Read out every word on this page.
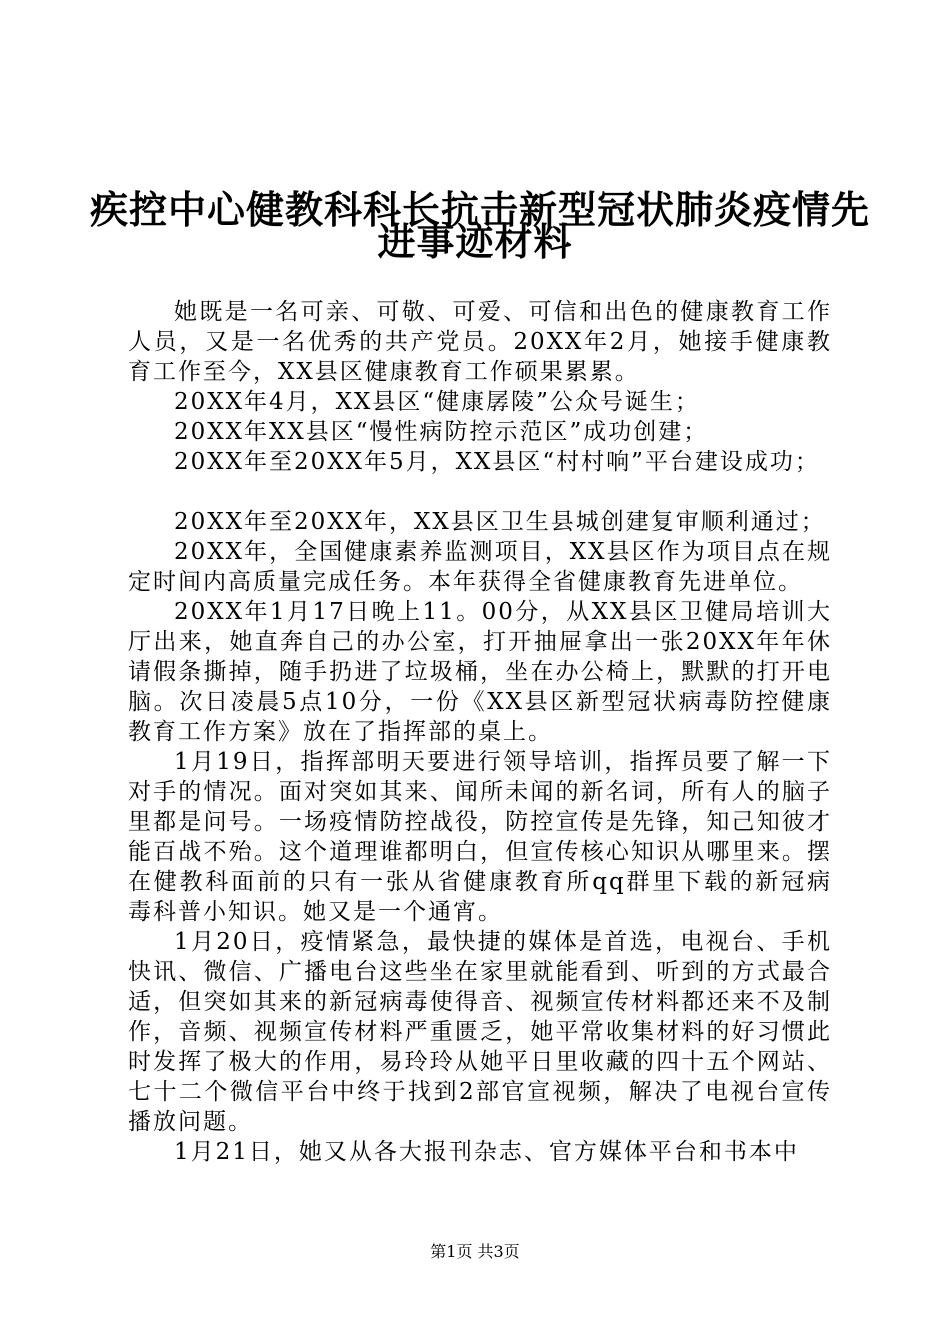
疾控中心健教科科长抗击新型冠状肺炎疫情先
进事迹材料

她既是一名可亲、可敬、可爱、可信和出色的健康教育工作人员，又是一名优秀的共产党员。20XX年2月，她接手健康教育工作至今，XX县区健康教育工作硕果累累。

20XX年4月，XX县区“健康孱陵”公众号诞生；

20XX年XX县区“慢性病防控示范区”成功创建；

20XX年至20XX年5月，XX县区“村村响”平台建设成功；

20XX年至20XX年，XX县区卫生县城创建复审顺利通过；

20XX年，全国健康素养监测项目，XX县区作为项目点在规定时间内高质量完成任务。本年获得全省健康教育先进单位。

20XX年1月17日晚上11。00分，从XX县区卫健局培训大厅出来，她直奔自己的办公室，打开抽屉拿出一张20XX年年休请假条撕掉，随手扔进了垃圾桶，坐在办公椅上，默默的打开电脑。次日凌晨5点10分，一份《XX县区新型冠状病毒防控健康教育工作方案》放在了指挥部的桌上。

1月19日，指挥部明天要进行领导培训，指挥员要了解一下对手的情况。面对突如其来、闻所未闻的新名词，所有人的脑子里都是问号。一场疫情防控战役，防控宣传是先锋，知己知彼才能百战不殆。这个道理谁都明白，但宣传核心知识从哪里来。摆在健教科面前的只有一张从省健康教育所qq群里下载的新冠病毒科普小知识。她又是一个通宵。

1月20日，疫情紧急，最快捷的媒体是首选，电视台、手机快讯、微信、广播电台这些坐在家里就能看到、听到的方式最合适，但突如其来的新冠病毒使得音、视频宣传材料都还来不及制作，音频、视频宣传材料严重匮乏，她平常收集材料的好习惯此时发挥了极大的作用，易玲玲从她平日里收藏的四十五个网站、七十二个微信平台中终于找到2部官宣视频，解决了电视台宣传播放问题。

1月21日，她又从各大报刊杂志、官方媒体平台和书本中

第1页 共3页
